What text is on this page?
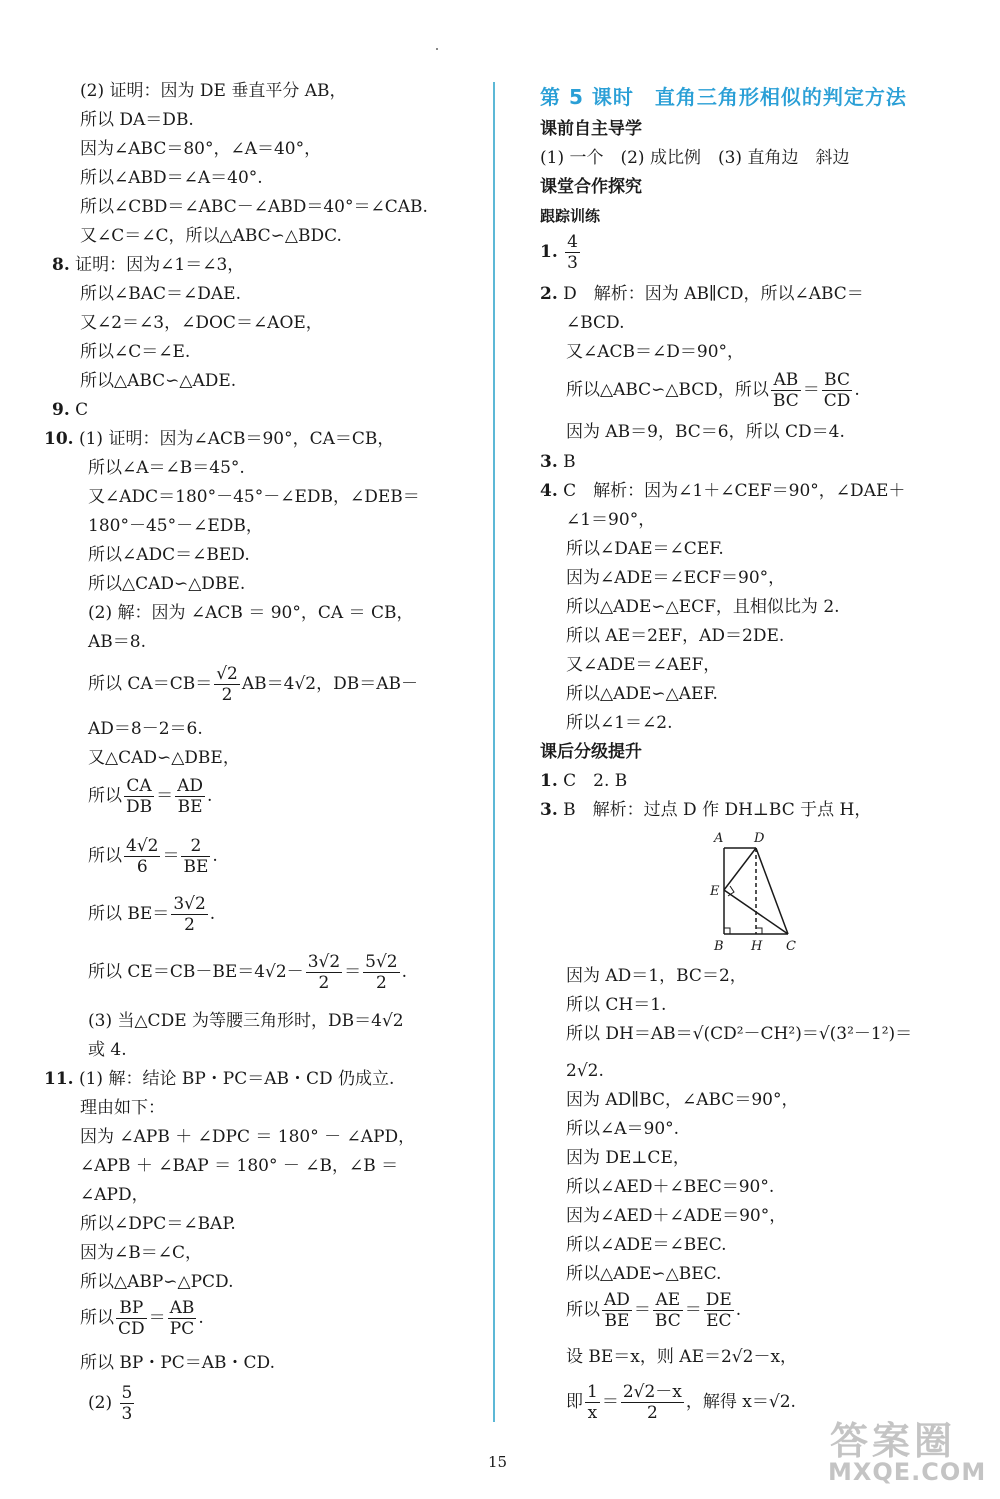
(2) 证明：因为 DE 垂直平分 AB，
所以 DA＝DB.
因为∠ABC＝80°，∠A＝40°，
所以∠ABD＝∠A＝40°.
所以∠CBD＝∠ABC－∠ABD＝40°＝∠CAB.
又∠C＝∠C，所以△ABC∽△BDC.
8. 证明：因为∠1＝∠3，
所以∠BAC＝∠DAE.
又∠2＝∠3，∠DOC＝∠AOE，
所以∠C＝∠E.
所以△ABC∽△ADE.
9. C
10. (1) 证明：因为∠ACB＝90°，CA＝CB，
所以∠A＝∠B＝45°.
又∠ADC＝180°－45°－∠EDB，∠DEB＝
180°－45°－∠EDB，
所以∠ADC＝∠BED.
所以△CAD∽△DBE.
(2) 解：因为 ∠ACB ＝ 90°，CA ＝ CB，
AB＝8.
AD＝8－2＝6.
又△CAD∽△DBE，
(3) 当△CDE 为等腰三角形时，DB＝4√2
或 4.
11. (1) 解：结论 BP・PC＝AB・CD 仍成立.
理由如下：
因为 ∠APB ＋ ∠DPC ＝ 180° － ∠APD，
∠APB ＋ ∠BAP ＝ 180° － ∠B，∠B ＝
∠APD，
所以∠DPC＝∠BAP.
因为∠B＝∠C，
所以△ABP∽△PCD.
所以 BP・PC＝AB・CD.
第 5 课时　直角三角形相似的判定方法
课前自主导学
(1) 一个　(2) 成比例　(3) 直角边　斜边
课堂合作探究
跟踪训练
课后分级提升
1. $\frac{4}{3}$
所以△ABC∽△BCD，所以 $\frac{AB}{BC} = \frac{BC}{CD}$ .
A D
E
B H C
所以 $\frac{AD}{BE} = \frac{AE}{BC} = \frac{DE}{EC}$ .
即 $\frac{1}{x} = \frac{2√2-x}{2}$ ，解得 x＝√2.
2. D　解析：因为 AB∥CD，所以∠ABC＝
∠BCD.
又∠ACB＝∠D＝90°，
因为 AB＝9，BC＝6，所以 CD＝4.
3. B
4. C　解析：因为∠1＋∠CEF＝90°，∠DAE＋
∠1＝90°，
所以∠DAE＝∠CEF.
因为∠ADE＝∠ECF＝90°，
所以△ADE∽△ECF，且相似比为 2.
所以 AE＝2EF，AD＝2DE.
又∠ADE＝∠AEF，
所以△ADE∽△AEF.
所以∠1＝∠2.
1. C　2. B
3. B　解析：过点 D 作 DH⊥BC 于点 H，
因为 AD＝1，BC＝2，
所以 CH＝1.
所以 DH＝AB＝√(CD²－CH²)＝√(3²－1²)＝
2√2.
因为 AD∥BC，∠ABC＝90°，
所以∠A＝90°.
因为 DE⊥CE，
所以∠AED＋∠BEC＝90°.
因为∠AED＋∠ADE＝90°，
所以∠ADE＝∠BEC.
所以△ADE∽△BEC.
设 BE＝x，则 AE＝2√2－x，
所以 $CA=CB= \frac{√2}{2} AB=4√2$，DB＝AB－
所以 $\frac{CA}{DB} = \frac{AD}{BE}$ .
所以 $\frac{4√2}{6} = \frac{2}{BE}$ .
所以 $BE= \frac{3√2}{2}$ .
所以 $CE=CB-BE=4√2- \frac{3√2}{2} = \frac{5√2}{2}$ .
所以 $\frac{BP}{CD} = \frac{AB}{PC}$ .
$(2) \frac{5}{3}$
15	答案圈
MXQE.COM
